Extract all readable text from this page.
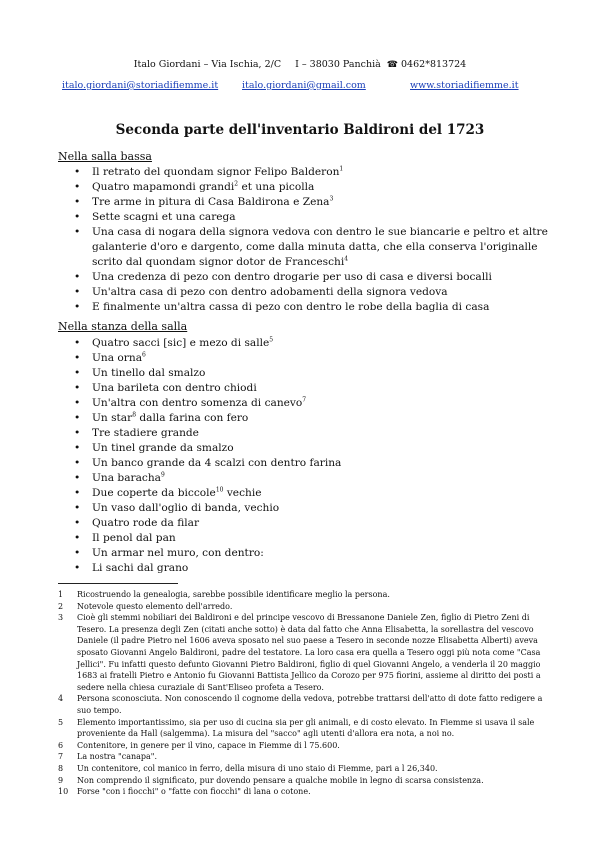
Italo Giordani – Via Ischia, 2/C I – 38030 Panchià ☎ 0462*813724
italo.giordani@storiadifiemme.it	italo.giordani@gmail.com	www.storiadifiemme.it
Seconda parte dell'inventario Baldironi del 1723
Nella salla bassa
• Il retrato del quondam signor Felipo Balderon$^1$
• Quatro mapamondi grandi$^2$ et una picolla
• Tre arme in pitura di Casa Baldirona e Zena$^3$
• Sette scagni et una carega
• Una casa di nogara della signora vedova con dentro le sue biancarie e peltro et altre galanterie d'oro e dargento, come dalla minuta datta, che ella conserva l'originalle scrito dal quondam signor dotor de Franceschi$^4$
• Una credenza di pezo con dentro drogarie per uso di casa e diversi bocalli
• Un'altra casa di pezo con dentro adobamenti della signora vedova
• E finalmente un'altra cassa di pezo con dentro le robe della baglia di casa
Nella stanza della salla
• Quatro sacci [sic] e mezo di salle$^5$
• Una orna$^6$
• Un tinello dal smalzo
• Una barileta con dentro chiodi
• Un'altra con dentro somenza di canevo$^7$
• Un star$^8$ dalla farina con fero
• Tre stadiere grande
• Un tinel grande da smalzo
• Un banco grande da 4 scalzi con dentro farina
• Una baracha$^9$
• Due coperte da biccole$^{10}$ vechie
• Un vaso dall'oglio di banda, vechio
• Quatro rode da filar
• Il penol dal pan
• Un armar nel muro, con dentro:
• Li sachi dal grano
1	Ricostruendo la genealogia, sarebbe possibile identificare meglio la persona.
2	Notevole questo elemento dell'arredo.
3	Cioè gli stemmi nobiliari dei Baldironi e del principe vescovo di Bressanone Daniele Zen, figlio di Pietro Zeni di Tesero. La presenza degli Zen (citati anche sotto) è data dal fatto che Anna Elisabetta, la sorellastra del vescovo Daniele (il padre Pietro nel 1606 aveva sposato nel suo paese a Tesero in seconde nozze Elisabetta Alberti) aveva sposato Giovanni Angelo Baldironi, padre del testatore. La loro casa era quella a Tesero oggi più nota come "Casa Jellici". Fu infatti questo defunto Giovanni Pietro Baldironi, figlio di quel Giovanni Angelo, a venderla il 20 maggio 1683 ai fratelli Pietro e Antonio fu Giovanni Battista Jellico da Corozo per 975 fiorini, assieme al diritto dei posti a sedere nella chiesa curaziale di Sant'Eliseo profeta a Tesero.
4	Persona sconosciuta. Non conoscendo il cognome della vedova, potrebbe trattarsi dell'atto di dote fatto redigere a suo tempo.
5	Elemento importantissimo, sia per uso di cucina sia per gli animali, e di costo elevato. In Fiemme si usava il sale proveniente da Hall (salgemma). La misura del "sacco" agli utenti d'allora era nota, a noi no.
6	Contenitore, in genere per il vino, capace in Fiemme di l 75.600.
7	La nostra "canapa".
8	Un contenitore, col manico in ferro, della misura di uno staio di Fiemme, pari a l 26,340.
9	Non comprendo il significato, pur dovendo pensare a qualche mobile in legno di scarsa consistenza.
10	Forse "con i fiocchi" o "fatte con fiocchi" di lana o cotone.
